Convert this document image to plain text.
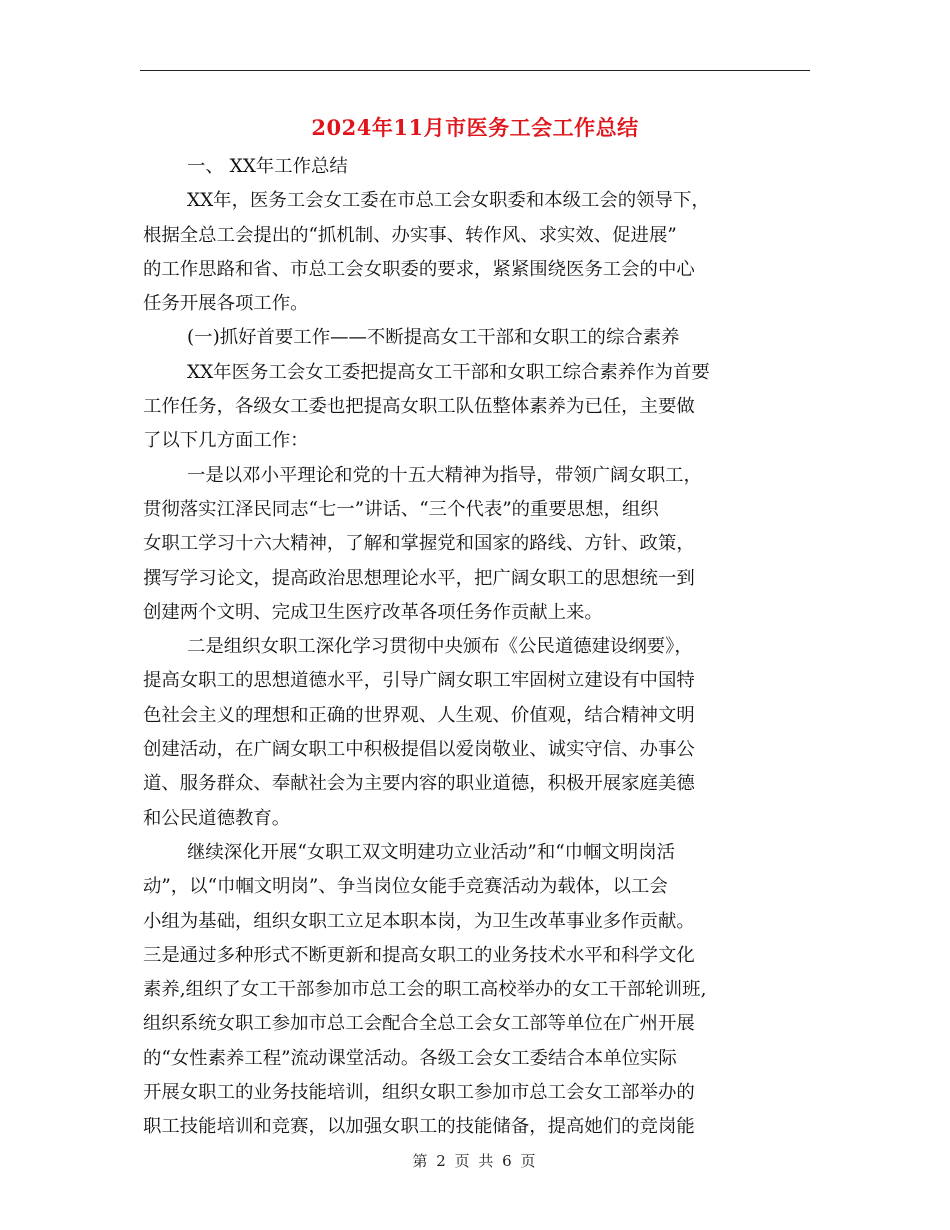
2024年11月市医务工会工作总结
一、 XX年工作总结
XX年，医务工会女工委在市总工会女职委和本级工会的领导下，
根据全总工会提出的“抓机制、办实事、转作风、求实效、促进展”
的工作思路和省、市总工会女职委的要求，紧紧围绕医务工会的中心
任务开展各项工作。
(一)抓好首要工作——不断提高女工干部和女职工的综合素养
XX年医务工会女工委把提高女工干部和女职工综合素养作为首要
工作任务，各级女工委也把提高女职工队伍整体素养为已任，主要做
了以下几方面工作：
一是以邓小平理论和党的十五大精神为指导，带领广阔女职工，
贯彻落实江泽民同志“七一”讲话、“三个代表”的重要思想，组织
女职工学习十六大精神，了解和掌握党和国家的路线、方针、政策，
撰写学习论文，提高政治思想理论水平，把广阔女职工的思想统一到
创建两个文明、完成卫生医疗改革各项任务作贡献上来。
二是组织女职工深化学习贯彻中央颁布《公民道德建设纲要》，
提高女职工的思想道德水平，引导广阔女职工牢固树立建设有中国特
色社会主义的理想和正确的世界观、人生观、价值观，结合精神文明
创建活动，在广阔女职工中积极提倡以爱岗敬业、诚实守信、办事公
道、服务群众、奉献社会为主要内容的职业道德，积极开展家庭美德
和公民道德教育。
继续深化开展“女职工双文明建功立业活动”和“巾帼文明岗活
动”，以“巾帼文明岗”、争当岗位女能手竞赛活动为载体，以工会
小组为基础，组织女职工立足本职本岗，为卫生改革事业多作贡献。
三是通过多种形式不断更新和提高女职工的业务技术水平和科学文化
素养,组织了女工干部参加市总工会的职工高校举办的女工干部轮训班,
组织系统女职工参加市总工会配合全总工会女工部等单位在广州开展
的“女性素养工程”流动课堂活动。各级工会女工委结合本单位实际
开展女职工的业务技能培训，组织女职工参加市总工会女工部举办的
职工技能培训和竞赛，以加强女职工的技能储备，提高她们的竞岗能
第 2 页 共 6 页
